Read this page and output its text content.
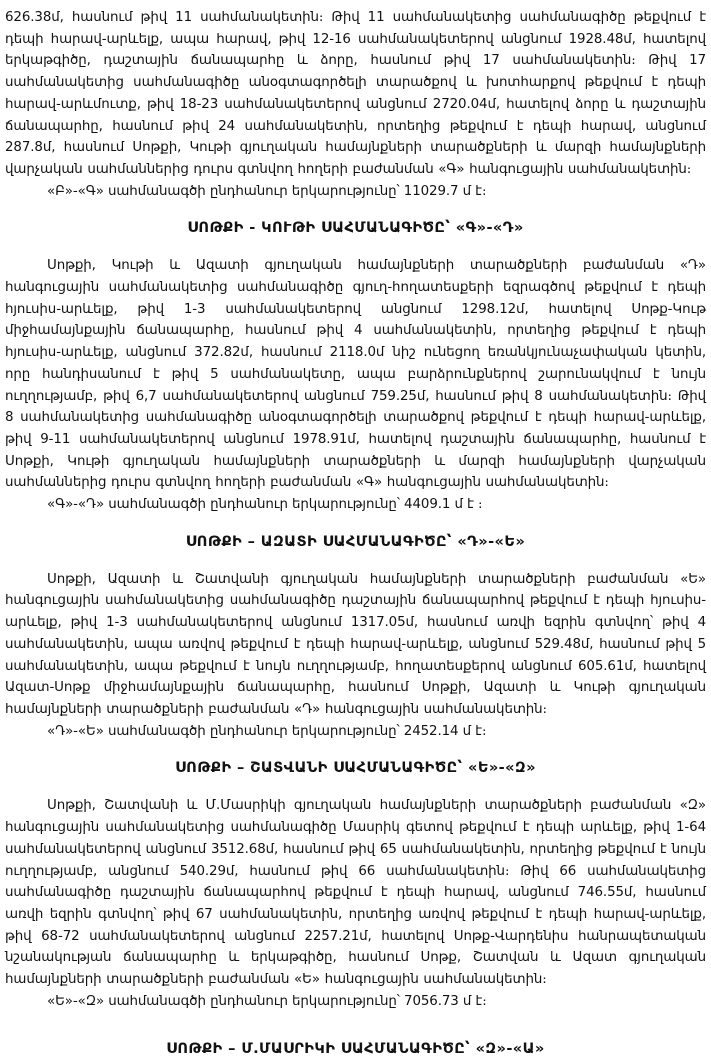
626.38մ, հասնում թիվ 11 սահմանակետին։ Թիվ 11 սահմանակետից սահմանագիծը թեքվում է դեպի հարավ-արևելք, ապա հարավ, թիվ 12-16 սահմանակետերով անցնում 1928.48մ, հատելով երկաթգիծը, դաշտային ճանապարհը և ձորը, հասնում թիվ 17 սահմանակետին։ Թիվ 17 սահմանակետից սահմանագիծը անօգտագործելի տարածքով և խոտհարքով թեքվում է դեպի հարավ-արևմուտք, թիվ 18-23 սահմանակետերով անցնում 2720.04մ, հատելով ձորը և դաշտային ճանապարհը, հասնում թիվ 24 սահմանակետին, որտեղից թեքվում է դեպի հարավ, անցնում 287.8մ, հասնում Սոթքի, Կութի գյուղական համայնքների տարածքների և մարզի համայնքների վարչական սահմաններից դուրս գտնվող հողերի բաժանման «Գ» հանգուցային սահմանակետին։

«Բ»-«Գ» սահմանագծի ընդհանուր երկարությունը՝ 11029.7 մ է։

ՍՈԹՔԻ - ԿՈՒԹԻ ՍԱՀՄԱՆԱԳԻԾԸ՝ «Գ»-«Դ»

Սոթքի, Կութի և Ազատի գյուղական համայնքների տարածքների բաժանման «Դ» հանգուցային սահմանակետից սահմանագիծը գյուղ-հողատեսքերի եզրագծով թեքվում է դեպի հյուսիս-արևելք, թիվ 1-3 սահմանակետերով անցնում 1298.12մ, հատելով Սոթք-Կութ միջհամայնքային ճանապարհը, հասնում թիվ 4 սահմանակետին, որտեղից թեքվում է դեպի հյուսիս-արևելք, անցնում 372.82մ, հասնում 2118.0մ նիշ ունեցող եռանկյունաչափական կետին, որը հանդիսանում է թիվ 5 սահմանակետը, ապա բարձրունքներով շարունակվում է նույն ուղղությամբ, թիվ 6,7 սահմանակետերով անցնում 759.25մ, հասնում թիվ 8 սահմանակետին։ Թիվ 8 սահմանակետից սահմանագիծը անօգտագործելի տարածքով թեքվում է դեպի հարավ-արևելք, թիվ 9-11 սահմանակետերով անցնում 1978.91մ, հատելով դաշտային ճանապարհը, հասնում է Սոթքի, Կութի գյուղական համայնքների տարածքների և մարզի համայնքների վարչական սահմաններից դուրս գտնվող հողերի բաժանման «Գ» հանգուցային սահմանակետին։

«Գ»-«Դ» սահմանագծի ընդհանուր երկարությունը՝ 4409.1 մ է ։

ՍՈԹՔԻ – ԱԶԱՏԻ ՍԱՀՄԱՆԱԳԻԾԸ՝ «Դ»-«Ե»

Սոթքի, Ազատի և Շատվանի գյուղական համայնքների տարածքների բաժանման «Ե» հանգուցային սահմանակետից սահմանագիծը դաշտային ճանապարհով թեքվում է դեպի հյուսիս-արևելք, թիվ 1-3 սահմանակետերով անցնում 1317.05մ, հասնում առվի եզրին գտնվող՝ թիվ 4 սահմանակետին, ապա առվով թեքվում է դեպի հարավ-արևելք, անցնում 529.48մ, հասնում թիվ 5 սահմանակետին, ապա թեքվում է նույն ուղղությամբ, հողատեսքերով անցնում 605.61մ, հատելով Ազատ-Սոթք միջհամայնքային ճանապարհը, հասնում Սոթքի, Ազատի և Կութի գյուղական համայնքների տարածքների բաժանման «Դ» հանգուցային սահմանակետին։

«Դ»-«Ե» սահմանագծի ընդհանուր երկարությունը՝ 2452.14 մ է։

ՍՈԹՔԻ – ՇԱՏՎԱՆԻ ՍԱՀՄԱՆԱԳԻԾԸ՝ «Ե»-«Զ»

Սոթքի, Շատվանի և Մ.Մասրիկի գյուղական համայնքների տարածքների բաժանման «Զ» հանգուցային սահմանակետից սահմանագիծը Մասրիկ գետով թեքվում է դեպի արևելք, թիվ 1-64 սահմանակետերով անցնում 3512.68մ, հասնում թիվ 65 սահմանակետին, որտեղից թեքվում է նույն ուղղությամբ, անցնում 540.29մ, հասնում թիվ 66 սահմանակետին։ Թիվ 66 սահմանակետից սահմանագիծը դաշտային ճանապարհով թեքվում է դեպի հարավ, անցնում 746.55մ, հասնում առվի եզրին գտնվող՝ թիվ 67 սահմանակետին, որտեղից առվով թեքվում է դեպի հարավ-արևելք, թիվ 68-72 սահմանակետերով անցնում 2257.21մ, հատելով Սոթք-Վարդենիս հանրապետական նշանակության ճանապարհը և երկաթգիծը, հասնում Սոթք, Շատվան և Ազատ գյուղական համայնքների տարածքների բաժանման «Ե» հանգուցային սահմանակետին։

«Ե»-«Զ» սահմանագծի ընդհանուր երկարությունը՝ 7056.73 մ է։

ՍՈԹՔԻ – Մ.ՄԱՍՐԻԿԻ ՍԱՀՄԱՆԱԳԻԾԸ՝ «Զ»-«Ա»
